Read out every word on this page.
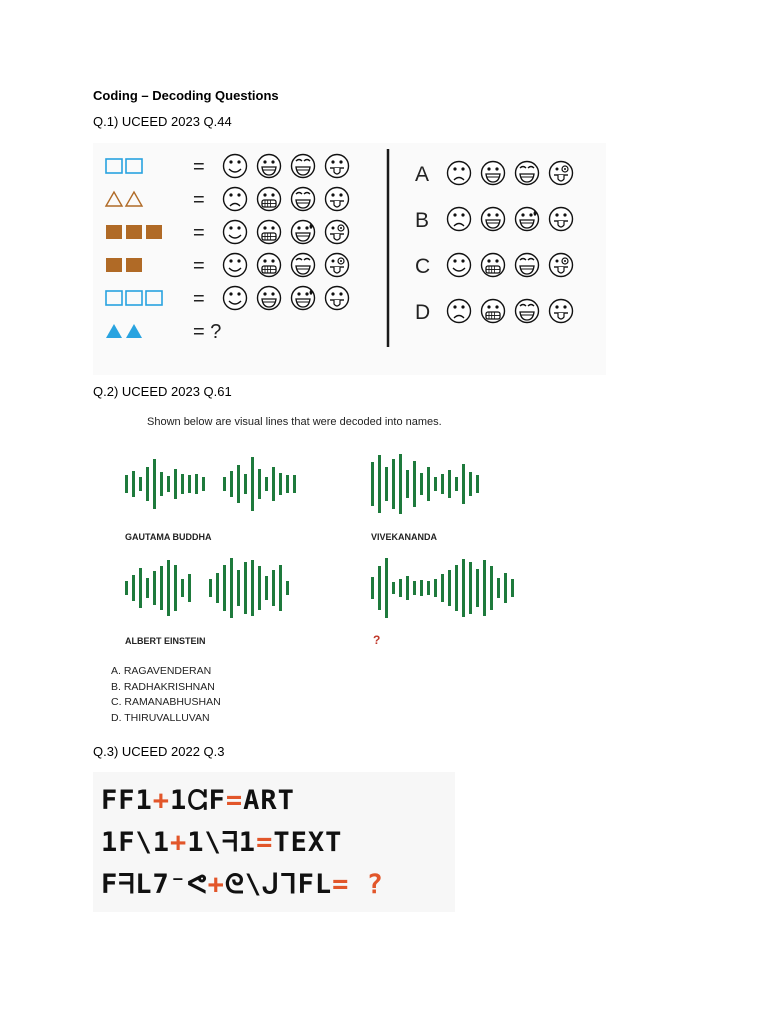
Coding – Decoding Questions
Q.1) UCEED 2023 Q.44
=
=
=
=
=
= ?
A
B
C
D
Q.2) UCEED 2023 Q.61
Shown below are visual lines that were decoded into names.
GAUTAMA BUDDHA	VIVEKANANDA
ALBERT EINSTEIN	?
A. RAGAVENDERAN
B. RADHAKRISHNAN
C. RAMANABHUSHAN
D. THIRUVALLUVAN
Q.3) UCEED 2022 Q.3
FF1+1ᘳF=ART
1F\1+1\ᖷ1=TEXT
FᖷL7⁻ᕙ+ᘓ\ᒍᒣFL= ?
